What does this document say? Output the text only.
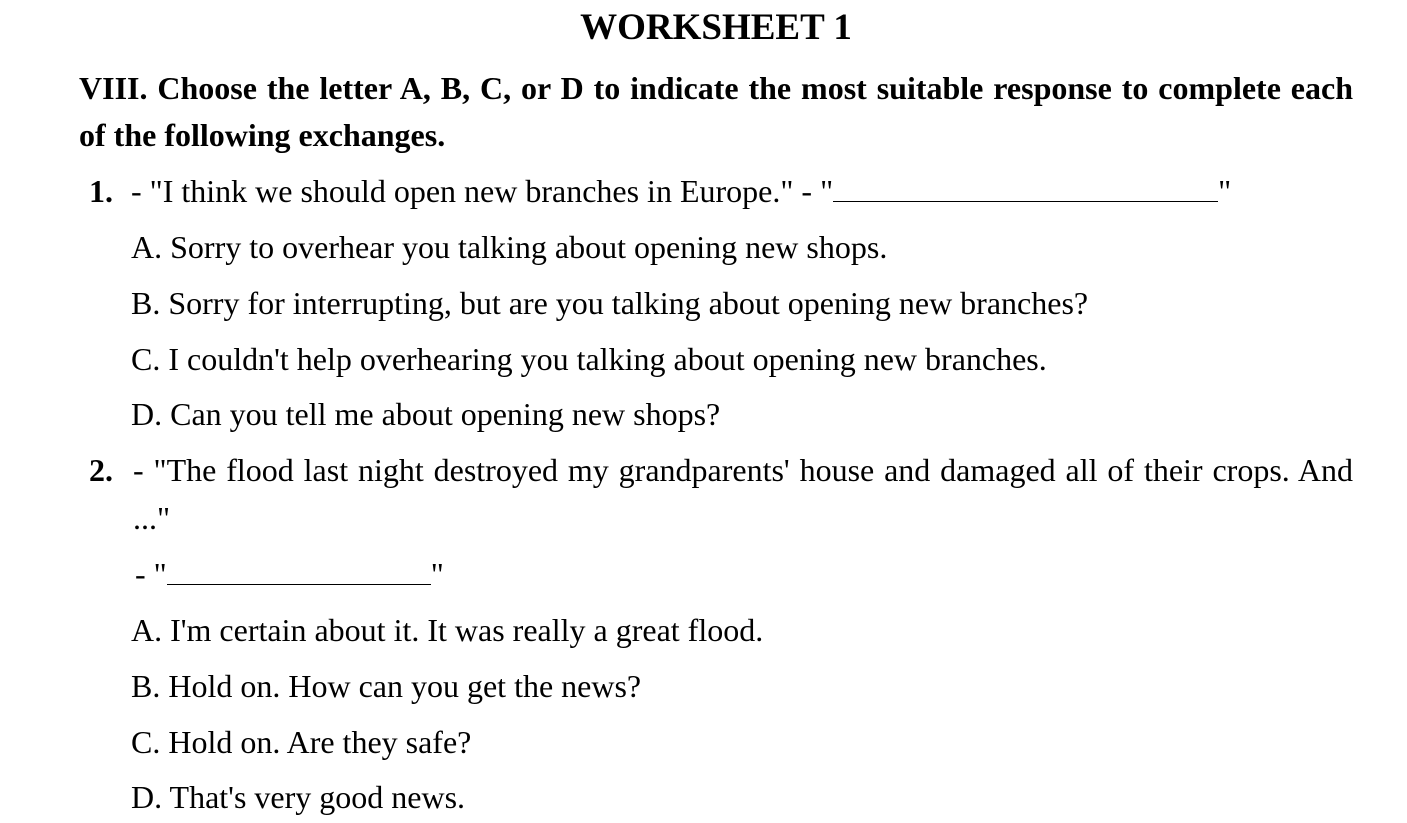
WORKSHEET 1
VIII. Choose the letter A, B, C, or D to indicate the most suitable response to complete each of the following exchanges.
1. - "I think we should open new branches in Europe." - "	"
A. Sorry to overhear you talking about opening new shops.
B. Sorry for interrupting, but are you talking about opening new branches?
C. I couldn't help overhearing you talking about opening new branches.
D. Can you tell me about opening new shops?
2. - "The flood last night destroyed my grandparents' house and damaged all of their crops. And ..."
- "	"
A. I'm certain about it. It was really a great flood.
B. Hold on. How can you get the news?
C. Hold on. Are they safe?
D. That's very good news.
